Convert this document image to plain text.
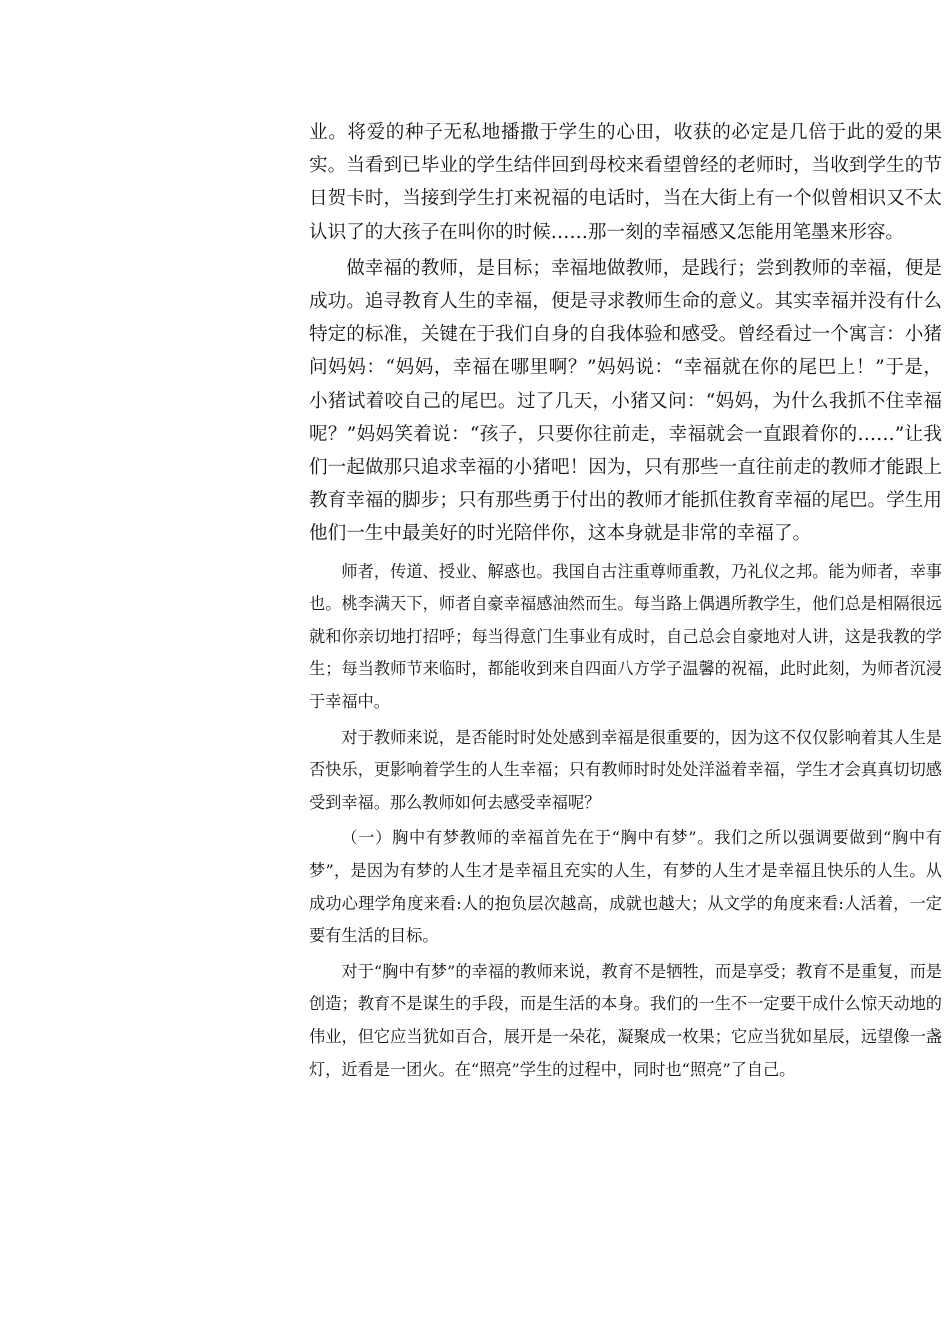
业。将爱的种子无私地播撒于学生的心田，收获的必定是几倍于此的爱的果实。当看到已毕业的学生结伴回到母校来看望曾经的老师时，当收到学生的节日贺卡时，当接到学生打来祝福的电话时，当在大街上有一个似曾相识又不太认识了的大孩子在叫你的时候……那一刻的幸福感又怎能用笔墨来形容。

做幸福的教师，是目标；幸福地做教师，是践行；尝到教师的幸福，便是成功。追寻教育人生的幸福，便是寻求教师生命的意义。其实幸福并没有什么特定的标准，关键在于我们自身的自我体验和感受。曾经看过一个寓言：小猪问妈妈：“妈妈，幸福在哪里啊？”妈妈说：“幸福就在你的尾巴上！”于是，小猪试着咬自己的尾巴。过了几天，小猪又问：“妈妈，为什么我抓不住幸福呢？”妈妈笑着说：“孩子，只要你往前走，幸福就会一直跟着你的……”让我们一起做那只追求幸福的小猪吧！因为，只有那些一直往前走的教师才能跟上教育幸福的脚步；只有那些勇于付出的教师才能抓住教育幸福的尾巴。学生用他们一生中最美好的时光陪伴你，这本身就是非常的幸福了。

师者，传道、授业、解惑也。我国自古注重尊师重教，乃礼仪之邦。能为师者，幸事也。桃李满天下，师者自豪幸福感油然而生。每当路上偶遇所教学生，他们总是相隔很远就和你亲切地打招呼；每当得意门生事业有成时，自己总会自豪地对人讲，这是我教的学生；每当教师节来临时，都能收到来自四面八方学子温馨的祝福，此时此刻，为师者沉浸于幸福中。

对于教师来说，是否能时时处处感到幸福是很重要的，因为这不仅仅影响着其人生是否快乐，更影响着学生的人生幸福；只有教师时时处处洋溢着幸福，学生才会真真切切感受到幸福。那么教师如何去感受幸福呢？

（一）胸中有梦教师的幸福首先在于“胸中有梦”。我们之所以强调要做到“胸中有梦”，是因为有梦的人生才是幸福且充实的人生，有梦的人生才是幸福且快乐的人生。从成功心理学角度来看:人的抱负层次越高，成就也越大；从文学的角度来看:人活着，一定要有生活的目标。

对于“胸中有梦”的幸福的教师来说，教育不是牺牲，而是享受；教育不是重复，而是创造；教育不是谋生的手段，而是生活的本身。我们的一生不一定要干成什么惊天动地的伟业，但它应当犹如百合，展开是一朵花，凝聚成一枚果；它应当犹如星辰，远望像一盏灯，近看是一团火。在“照亮”学生的过程中，同时也“照亮”了自己。
